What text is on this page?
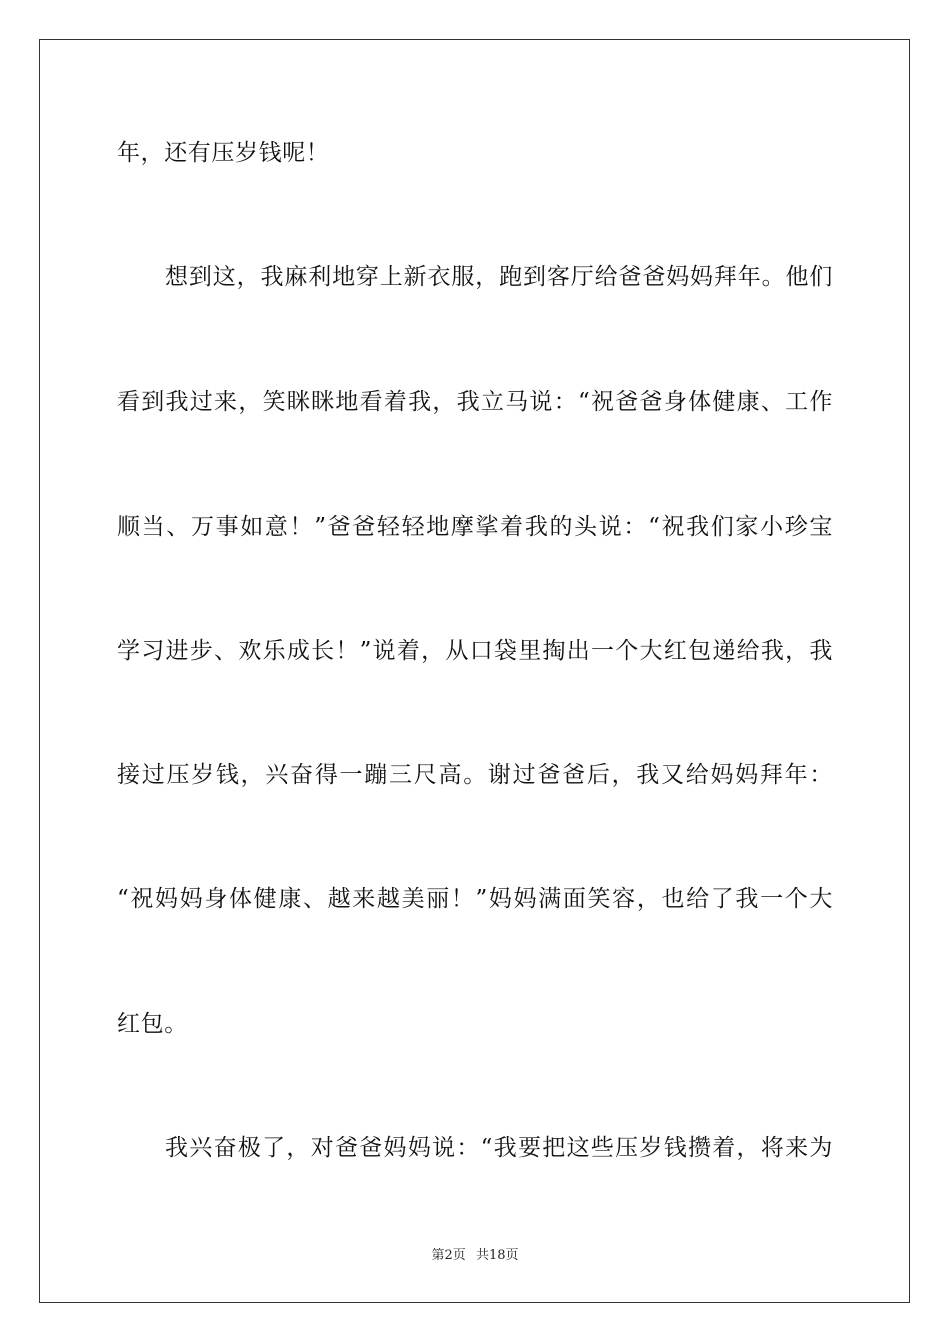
年，还有压岁钱呢！
想到这，我麻利地穿上新衣服，跑到客厅给爸爸妈妈拜年。他们
看到我过来，笑眯眯地看着我，我立马说：“祝爸爸身体健康、工作
顺当、万事如意！”爸爸轻轻地摩挲着我的头说：“祝我们家小珍宝
学习进步、欢乐成长！”说着，从口袋里掏出一个大红包递给我，我
接过压岁钱，兴奋得一蹦三尺高。谢过爸爸后，我又给妈妈拜年：
“祝妈妈身体健康、越来越美丽！”妈妈满面笑容，也给了我一个大
红包。
我兴奋极了，对爸爸妈妈说：“我要把这些压岁钱攒着，将来为
第2页 共18页
